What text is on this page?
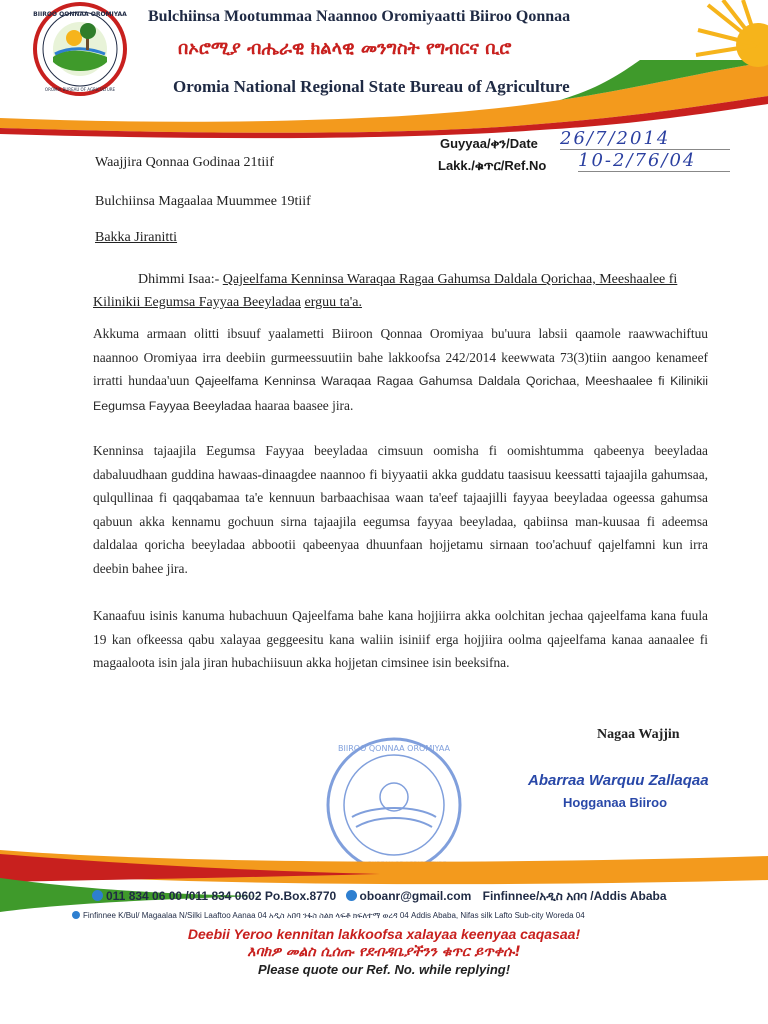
BIIROO QONNAA OROMIYAA
OROMIA BUREAU OF AGRICULTURE
Bulchiinsa Mootummaa Naannoo Oromiyaatti Biiroo Qonnaa
በኦሮሚያ ብሔራዊ ክልላዊ መንግስት የግብርና ቢሮ
Oromia National Regional State Bureau of Agriculture
Guyyaa/ቀን/Date 26/7/2014
Lakk./ቁጥር/Ref.No 10-2/76/04
Waajjira Qonnaa Godinaa 21tiif
Bulchiinsa Magaalaa Muummee 19tiif
Bakka Jiranitti
Dhimmi Isaa:- Qajeelfama Kenninsa Waraqaa Ragaa Gahumsa Daldala Qorichaa, Meeshaalee fi Kilinikii Eegumsa Fayyaa Beeyladaa erguu ta'a.
Akkuma armaan olitti ibsuuf yaalametti Biiroon Qonnaa Oromiyaa bu'uura labsii qaamole raawwachiftuu naannoo Oromiyaa irra deebiin gurmeessuutiin bahe lakkoofsa 242/2014 keewwata 73(3)tiin aangoo kenameef irratti hundaa'uun Qajeelfama Kenninsa Waraqaa Ragaa Gahumsa Daldala Qorichaa, Meeshaalee fi Kilinikii Eegumsa Fayyaa Beeyladaa haaraa baasee jira.
Kenninsa tajaajila Eegumsa Fayyaa beeyladaa cimsuun oomisha fi oomishtumma qabeenya beeyladaa dabaluudhaan guddina hawaas-dinaagdee naannoo fi biyyaatii akka guddatu taasisuu keessatti tajaajila gahumsaa, qulqullinaa fi qaqqabamaa ta'e kennuun barbaachisaa waan ta'eef tajaajilli fayyaa beeyladaa ogeessa gahumsa qabuun akka kennamu gochuun sirna tajaajila eegumsa fayyaa beeyladaa, qabiinsa man-kuusaa fi adeemsa daldalaa qoricha beeyladaa abbootii qabeenyaa dhuunfaan hojjetamu sirnaan too'achuuf qajelfamni kun irra deebin bahee jira.
Kanaafuu isinis kanuma hubachuun Qajeelfama bahe kana hojjiirra akka oolchitan jechaa qajeelfama kana fuula 19 kan ofkeessa qabu xalayaa geggeesitu kana waliin isiniif erga hojjiira oolma qajeelfama kanaa aanaalee fi magaaloota isin jala jiran hubachiisuun akka hojjetan cimsinee isin beeksifna.
Nagaa Wajjin
BIIROO QONNAA OROMIYAA
Abarraa Warquu Zallaqaa
Hogganaa Biiroo
011 834 06 00 /011 834 0602 Po.Box.8770 oboanr@gmail.com Finfinnee/አዲስ አበባ /Addis Ababa
Finfinnee K/Bul/ Magaalaa N/Silki Laaftoo Aanaa 04 አዲስ አበባ ንፋስ ስልክ ላፍቶ ክፍለተማ ወረዳ 04 Addis Ababa, Nifas silk Lafto Sub-city Woreda 04
Deebii Yeroo kennitan lakkoofsa xalayaa keenyaa caqasaa!
እባክዎ መልስ ሲሰጡ የደብዳቤያችንን ቁጥር ይጥቀሱ!
Please quote our Ref. No. while replying!
